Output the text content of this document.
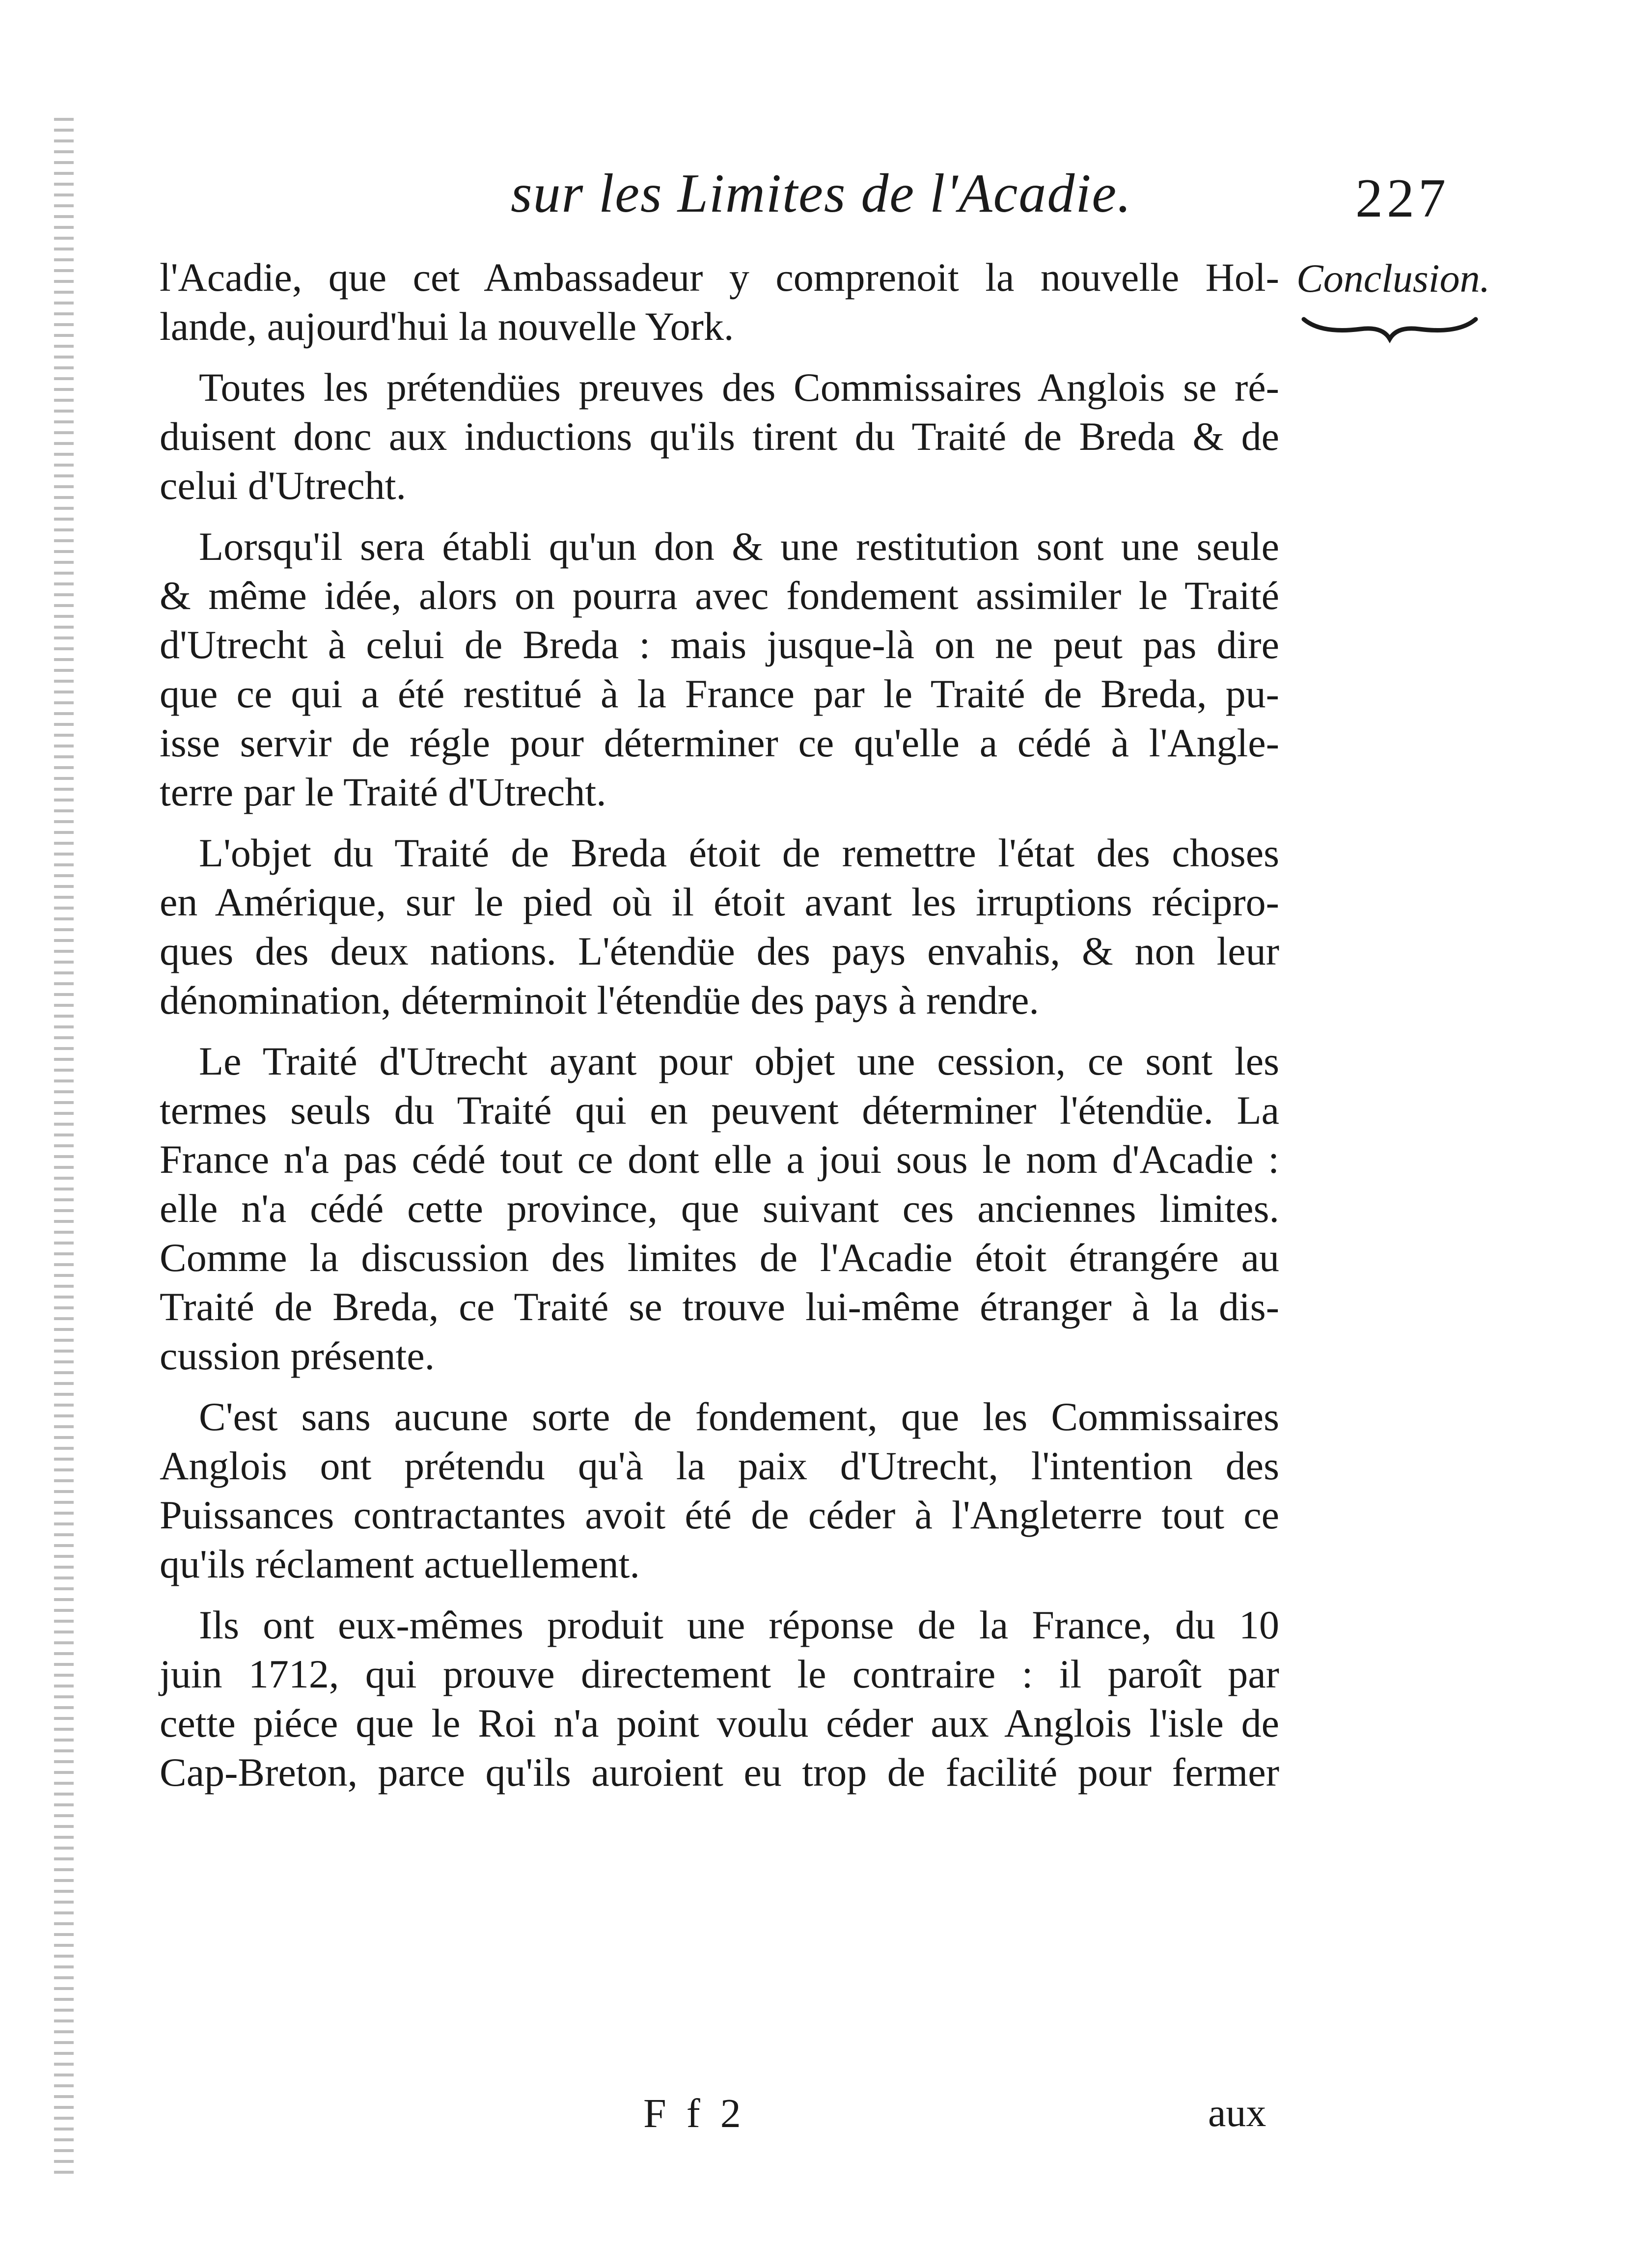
sur les Limites de l'Acadie.	227
Conclusion.
l'Acadie, que cet Ambassadeur y comprenoit la nouvelle Hol-
lande, aujourd'hui la nouvelle York.
Toutes les prétendües preuves des Commissaires Anglois se ré-
duisent donc aux inductions qu'ils tirent du Traité de Breda & de
celui d'Utrecht.
Lorsqu'il sera établi qu'un don & une restitution sont une seule
& même idée, alors on pourra avec fondement assimiler le Traité
d'Utrecht à celui de Breda : mais jusque-là on ne peut pas dire
que ce qui a été restitué à la France par le Traité de Breda, pu-
isse servir de régle pour déterminer ce qu'elle a cédé à l'Angle-
terre par le Traité d'Utrecht.
L'objet du Traité de Breda étoit de remettre l'état des choses
en Amérique, sur le pied où il étoit avant les irruptions récipro-
ques des deux nations. L'étendüe des pays envahis, & non leur
dénomination, déterminoit l'étendüe des pays à rendre.
Le Traité d'Utrecht ayant pour objet une cession, ce sont les
termes seuls du Traité qui en peuvent déterminer l'étendüe. La
France n'a pas cédé tout ce dont elle a joui sous le nom d'Acadie :
elle n'a cédé cette province, que suivant ces anciennes limites.
Comme la discussion des limites de l'Acadie étoit étrangére au
Traité de Breda, ce Traité se trouve lui-même étranger à la dis-
cussion présente.
C'est sans aucune sorte de fondement, que les Commissaires
Anglois ont prétendu qu'à la paix d'Utrecht, l'intention des
Puissances contractantes avoit été de céder à l'Angleterre tout ce
qu'ils réclament actuellement.
Ils ont eux-mêmes produit une réponse de la France, du 10
juin 1712, qui prouve directement le contraire : il paroît par
cette piéce que le Roi n'a point voulu céder aux Anglois l'isle de
Cap-Breton, parce qu'ils auroient eu trop de facilité pour fermer
F f 2	aux
